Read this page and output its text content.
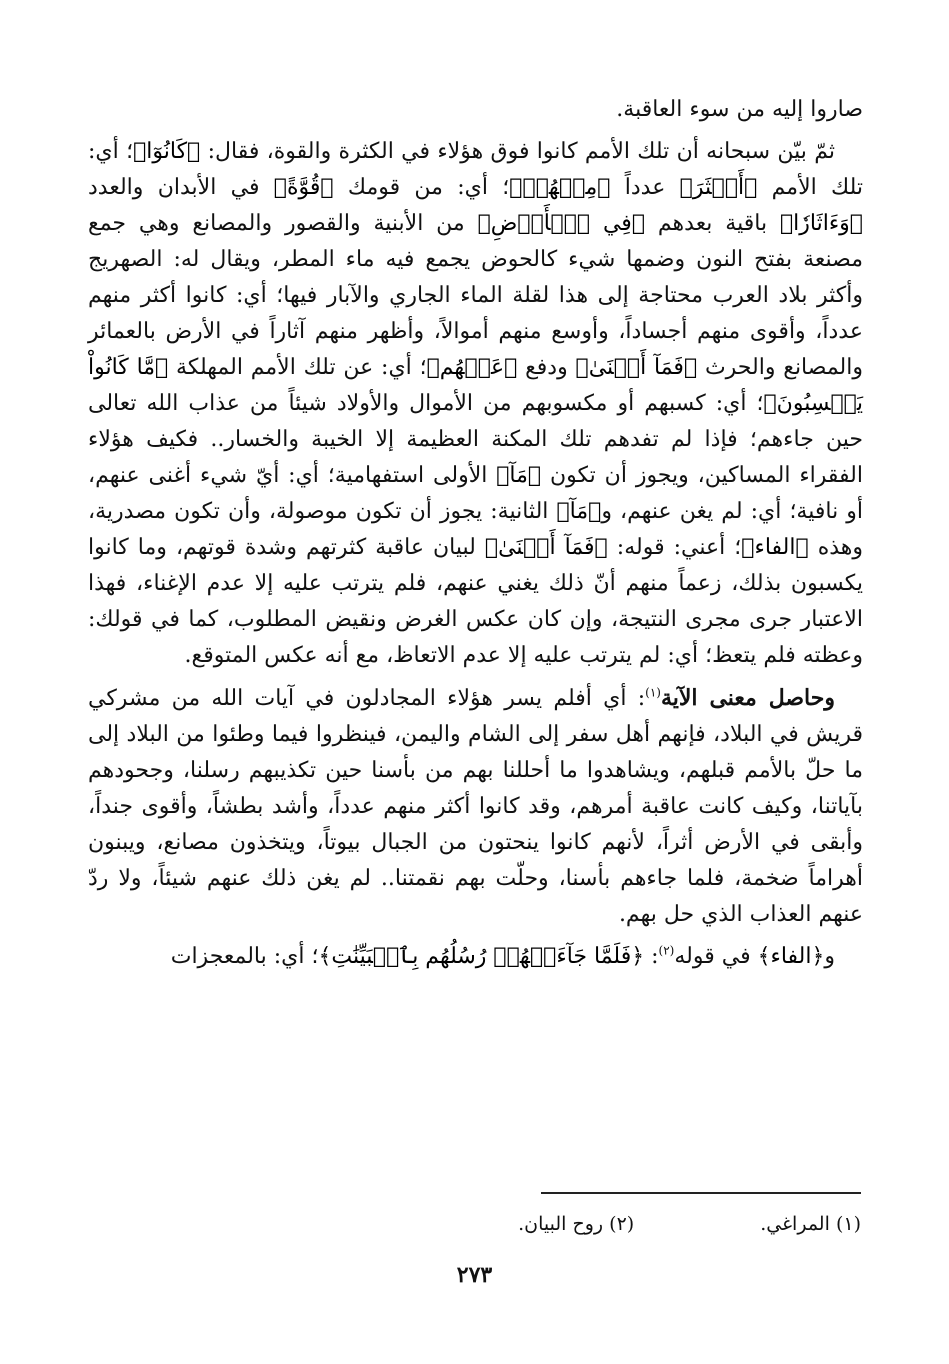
صاروا إليه من سوء العاقبة.

ثمّ بيّن سبحانه أن تلك الأمم كانوا فوق هؤلاء في الكثرة والقوة، فقال: ﴿كَانُوٓا﴾؛ أي: تلك الأمم ﴿أَكۡثَرَ﴾ عدداً ﴿مِنۡهُمۡ﴾؛ أي: من قومك ﴿قُوَّةً﴾ في الأبدان والعدد ﴿وَءَاثَارٗا﴾ باقية بعدهم ﴿فِي ٱلۡأَرۡضِ﴾ من الأبنية والقصور والمصانع وهي جمع مصنعة بفتح النون وضمها شيء كالحوض يجمع فيه ماء المطر، ويقال له: الصهريج وأكثر بلاد العرب محتاجة إلى هذا لقلة الماء الجاري والآبار فيها؛ أي: كانوا أكثر منهم عدداً، وأقوى منهم أجساداً، وأوسع منهم أموالاً، وأظهر منهم آثاراً في الأرض بالعمائر والمصانع والحرث ﴿فَمَآ أَغۡنَىٰ﴾ ودفع ﴿عَنۡهُم﴾؛ أي: عن تلك الأمم المهلكة ﴿مَّا كَانُواْ يَكۡسِبُونَ﴾؛ أي: كسبهم أو مكسوبهم من الأموال والأولاد شيئاً من عذاب الله تعالى حين جاءهم؛ فإذا لم تفدهم تلك المكنة العظيمة إلا الخيبة والخسار.. فكيف هؤلاء الفقراء المساكين، ويجوز أن تكون ﴿مَآ﴾ الأولى استفهامية؛ أي: أيّ شيء أغنى عنهم، أو نافية؛ أي: لم يغن عنهم، و﴿مَآ﴾ الثانية: يجوز أن تكون موصولة، وأن تكون مصدرية، وهذه ﴿الفاء﴾؛ أعني: قوله: ﴿فَمَآ أَغۡنَىٰ﴾ لبيان عاقبة كثرتهم وشدة قوتهم، وما كانوا يكسبون بذلك، زعماً منهم أنّ ذلك يغني عنهم، فلم يترتب عليه إلا عدم الإغناء، فهذا الاعتبار جرى مجرى النتيجة، وإن كان عكس الغرض ونقيض المطلوب، كما في قولك: وعظته فلم يتعظ؛ أي: لم يترتب عليه إلا عدم الاتعاظ، مع أنه عكس المتوقع.

وحاصل معنى الآية$^{(١)}$: أي أفلم يسر هؤلاء المجادلون في آيات الله من مشركي قريش في البلاد، فإنهم أهل سفر إلى الشام واليمن، فينظروا فيما وطئوا من البلاد إلى ما حلّ بالأمم قبلهم، ويشاهدوا ما أحللنا بهم من بأسنا حين تكذيبهم رسلنا، وجحودهم بآياتنا، وكيف كانت عاقبة أمرهم، وقد كانوا أكثر منهم عدداً، وأشد بطشاً، وأقوى جنداً، وأبقى في الأرض أثراً، لأنهم كانوا ينحتون من الجبال بيوتاً، ويتخذون مصانع، ويبنون أهراماً ضخمة، فلما جاءهم بأسنا، وحلّت بهم نقمتنا.. لم يغن ذلك عنهم شيئاً، ولا ردّ عنهم العذاب الذي حل بهم.

و﴿الفاء﴾ في قوله$^{(٢)}$: ﴿فَلَمَّا جَآءَتۡهُمۡ رُسُلُهُم بِٱلۡبَيِّنَٰتِ﴾؛ أي: بالمعجزات

(١) المراغي. (٢) روح البيان.
٢٧٣
